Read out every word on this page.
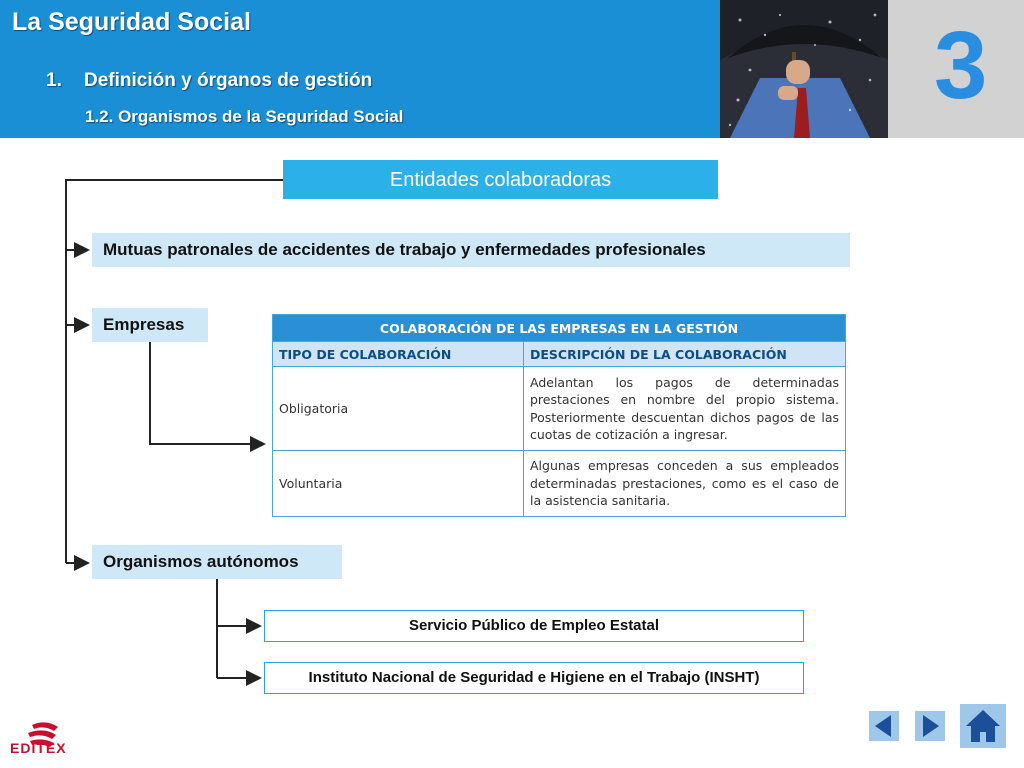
La Seguridad Social
1. Definición y órganos de gestión
1.2. Organismos de la Seguridad Social	3
Entidades colaboradoras
Mutuas patronales de accidentes de trabajo y enfermedades profesionales
Empresas
Organismos autónomos
Servicio Público de Empleo Estatal
Instituto Nacional de Seguridad e Higiene en el Trabajo (INSHT)
COLABORACIÓN DE LAS EMPRESAS EN LA GESTIÓN	
TIPO DE COLABORACIÓN	DESCRIPCIÓN DE LA COLABORACIÓN
Obligatoria	Adelantan los pagos de determinadas prestaciones en nombre del propio sistema. Posteriormente descuentan dichos pagos de las cuotas de cotización a ingresar.
Voluntaria	Algunas empresas conceden a sus empleados determinadas prestaciones, como es el caso de la asistencia sanitaria.
EDITEX
